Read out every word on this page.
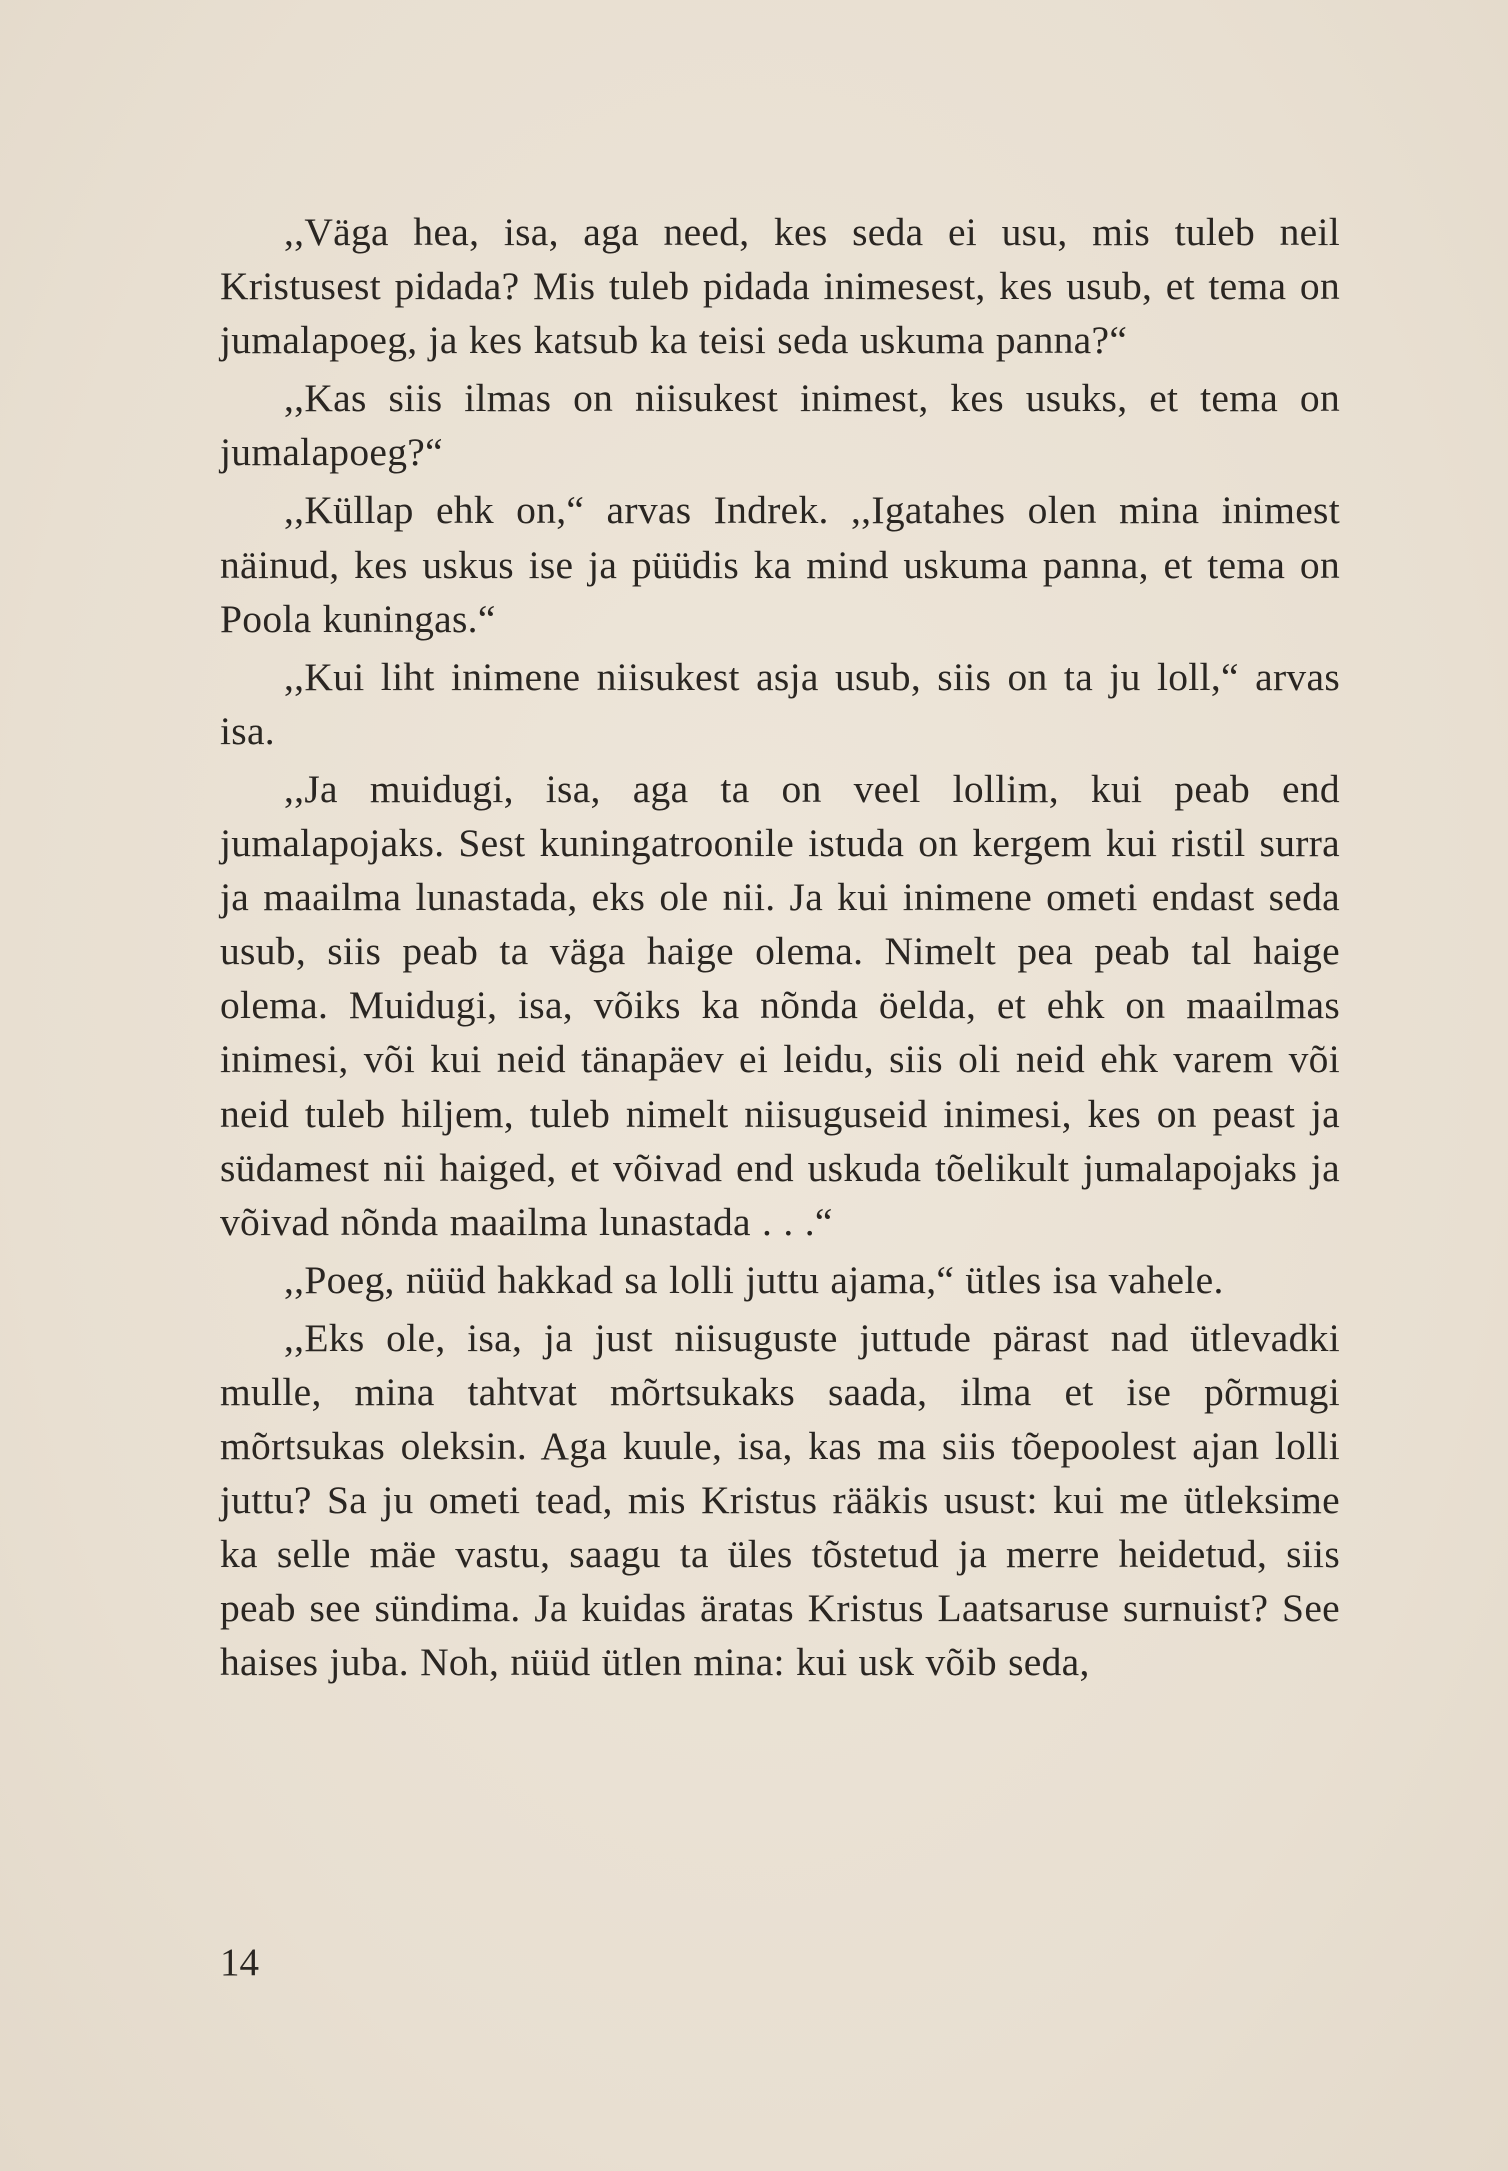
,,Väga hea, isa, aga need, kes seda ei usu, mis tuleb neil Kristusest pidada? Mis tuleb pidada inimesest, kes usub, et tema on jumalapoeg, ja kes katsub ka teisi seda uskuma panna?“

,,Kas siis ilmas on niisukest inimest, kes usuks, et tema on jumalapoeg?“

,,Küllap ehk on,“ arvas Indrek. ,,Igatahes olen mina inimest näinud, kes uskus ise ja püüdis ka mind uskuma panna, et tema on Poola kuningas.“

,,Kui liht inimene niisukest asja usub, siis on ta ju loll,“ arvas isa.

,,Ja muidugi, isa, aga ta on veel lollim, kui peab end jumalapojaks. Sest kuningatroonile istuda on kergem kui ristil surra ja maailma lunastada, eks ole nii. Ja kui inimene ometi endast seda usub, siis peab ta väga haige olema. Nimelt pea peab tal haige olema. Muidugi, isa, võiks ka nõnda öelda, et ehk on maailmas inimesi, või kui neid tänapäev ei leidu, siis oli neid ehk varem või neid tuleb hiljem, tuleb nimelt niisuguseid inimesi, kes on peast ja südamest nii haiged, et võivad end uskuda tõelikult jumalapojaks ja võivad nõnda maailma lunastada . . .“

,,Poeg, nüüd hakkad sa lolli juttu ajama,“ ütles isa vahele.

,,Eks ole, isa, ja just niisuguste juttude pärast nad ütlevadki mulle, mina tahtvat mõrtsukaks saada, ilma et ise põrmugi mõrtsukas oleksin. Aga kuule, isa, kas ma siis tõepoolest ajan lolli juttu? Sa ju ometi tead, mis Kristus rääkis usust: kui me ütleksime ka selle mäe vastu, saagu ta üles tõstetud ja merre heidetud, siis peab see sündima. Ja kuidas äratas Kristus Laatsaruse surnuist? See haises juba. Noh, nüüd ütlen mina: kui usk võib seda,

14
